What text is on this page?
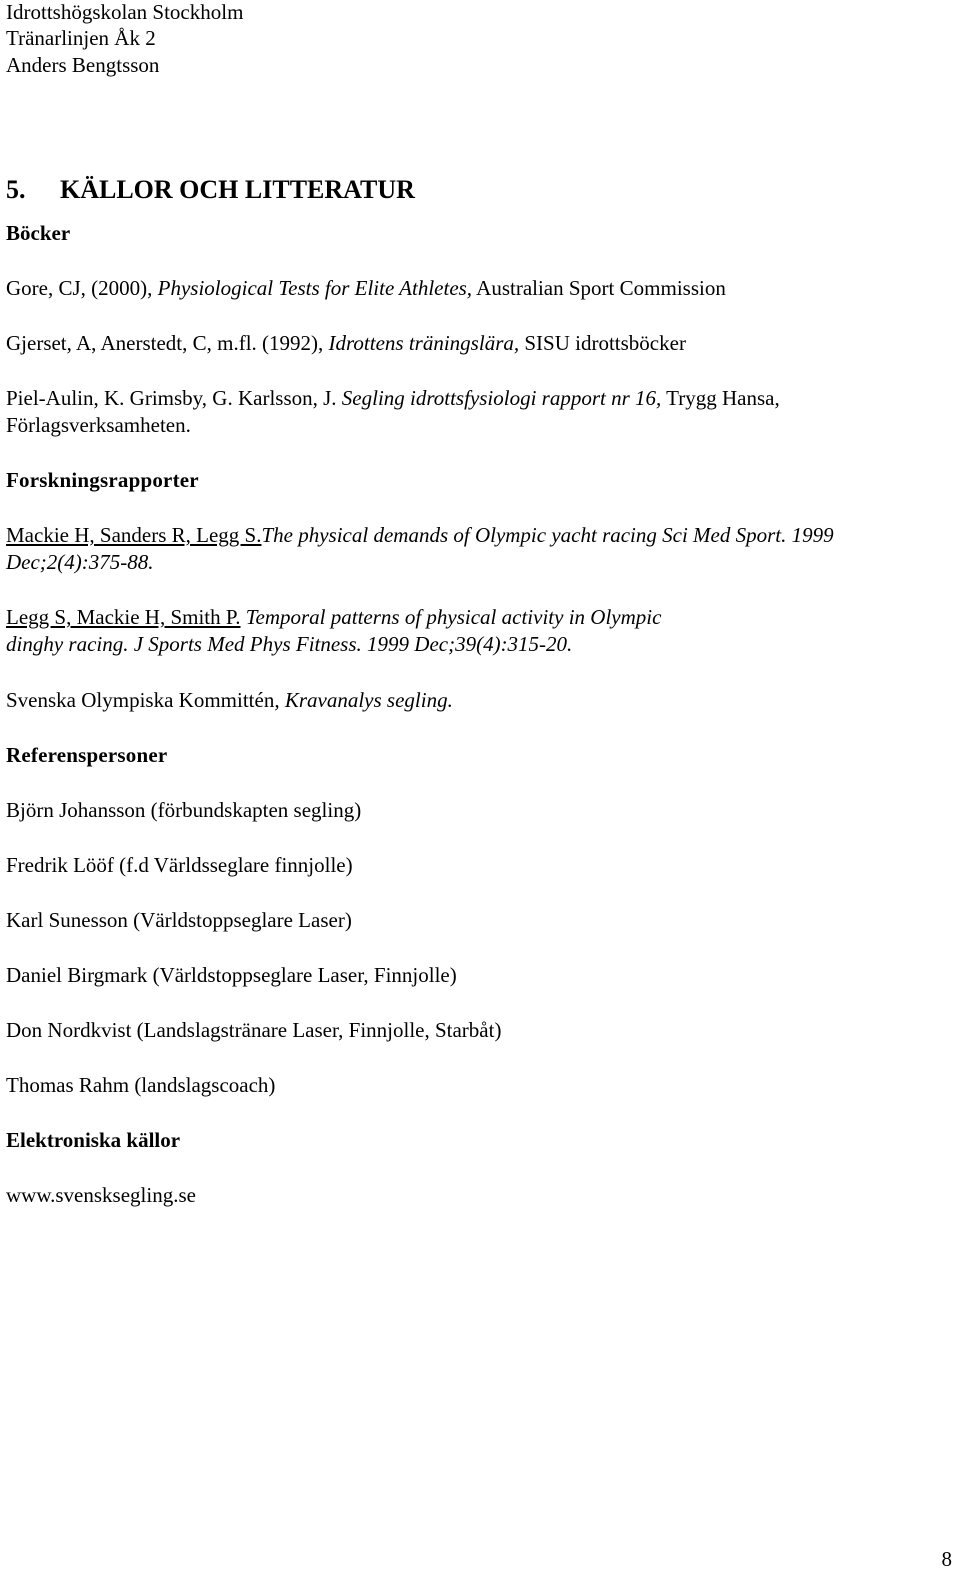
Idrottshögskolan Stockholm
Tränarlinjen Åk 2
Anders Bengtsson
5. KÄLLOR OCH LITTERATUR
Böcker
Gore, CJ, (2000), Physiological Tests for Elite Athletes, Australian Sport Commission
Gjerset, A, Anerstedt, C, m.fl. (1992), Idrottens träningslära, SISU idrottsböcker
Piel-Aulin, K. Grimsby, G. Karlsson, J. Segling idrottsfysiologi rapport nr 16, Trygg Hansa,
Förlagsverksamheten.
Forskningsrapporter
Mackie H, Sanders R, Legg S.The physical demands of Olympic yacht racing Sci Med Sport. 1999
Dec;2(4):375-88.
Legg S, Mackie H, Smith P. Temporal patterns of physical activity in Olympic
dinghy racing. J Sports Med Phys Fitness. 1999 Dec;39(4):315-20.
Svenska Olympiska Kommittén, Kravanalys segling.
Referenspersoner
Björn Johansson (förbundskapten segling)
Fredrik Lööf (f.d Världsseglare finnjolle)
Karl Sunesson (Världstoppseglare Laser)
Daniel Birgmark (Världstoppseglare Laser, Finnjolle)
Don Nordkvist (Landslagstränare Laser, Finnjolle, Starbåt)
Thomas Rahm (landslagscoach)
Elektroniska källor
www.svensksegling.se
8
